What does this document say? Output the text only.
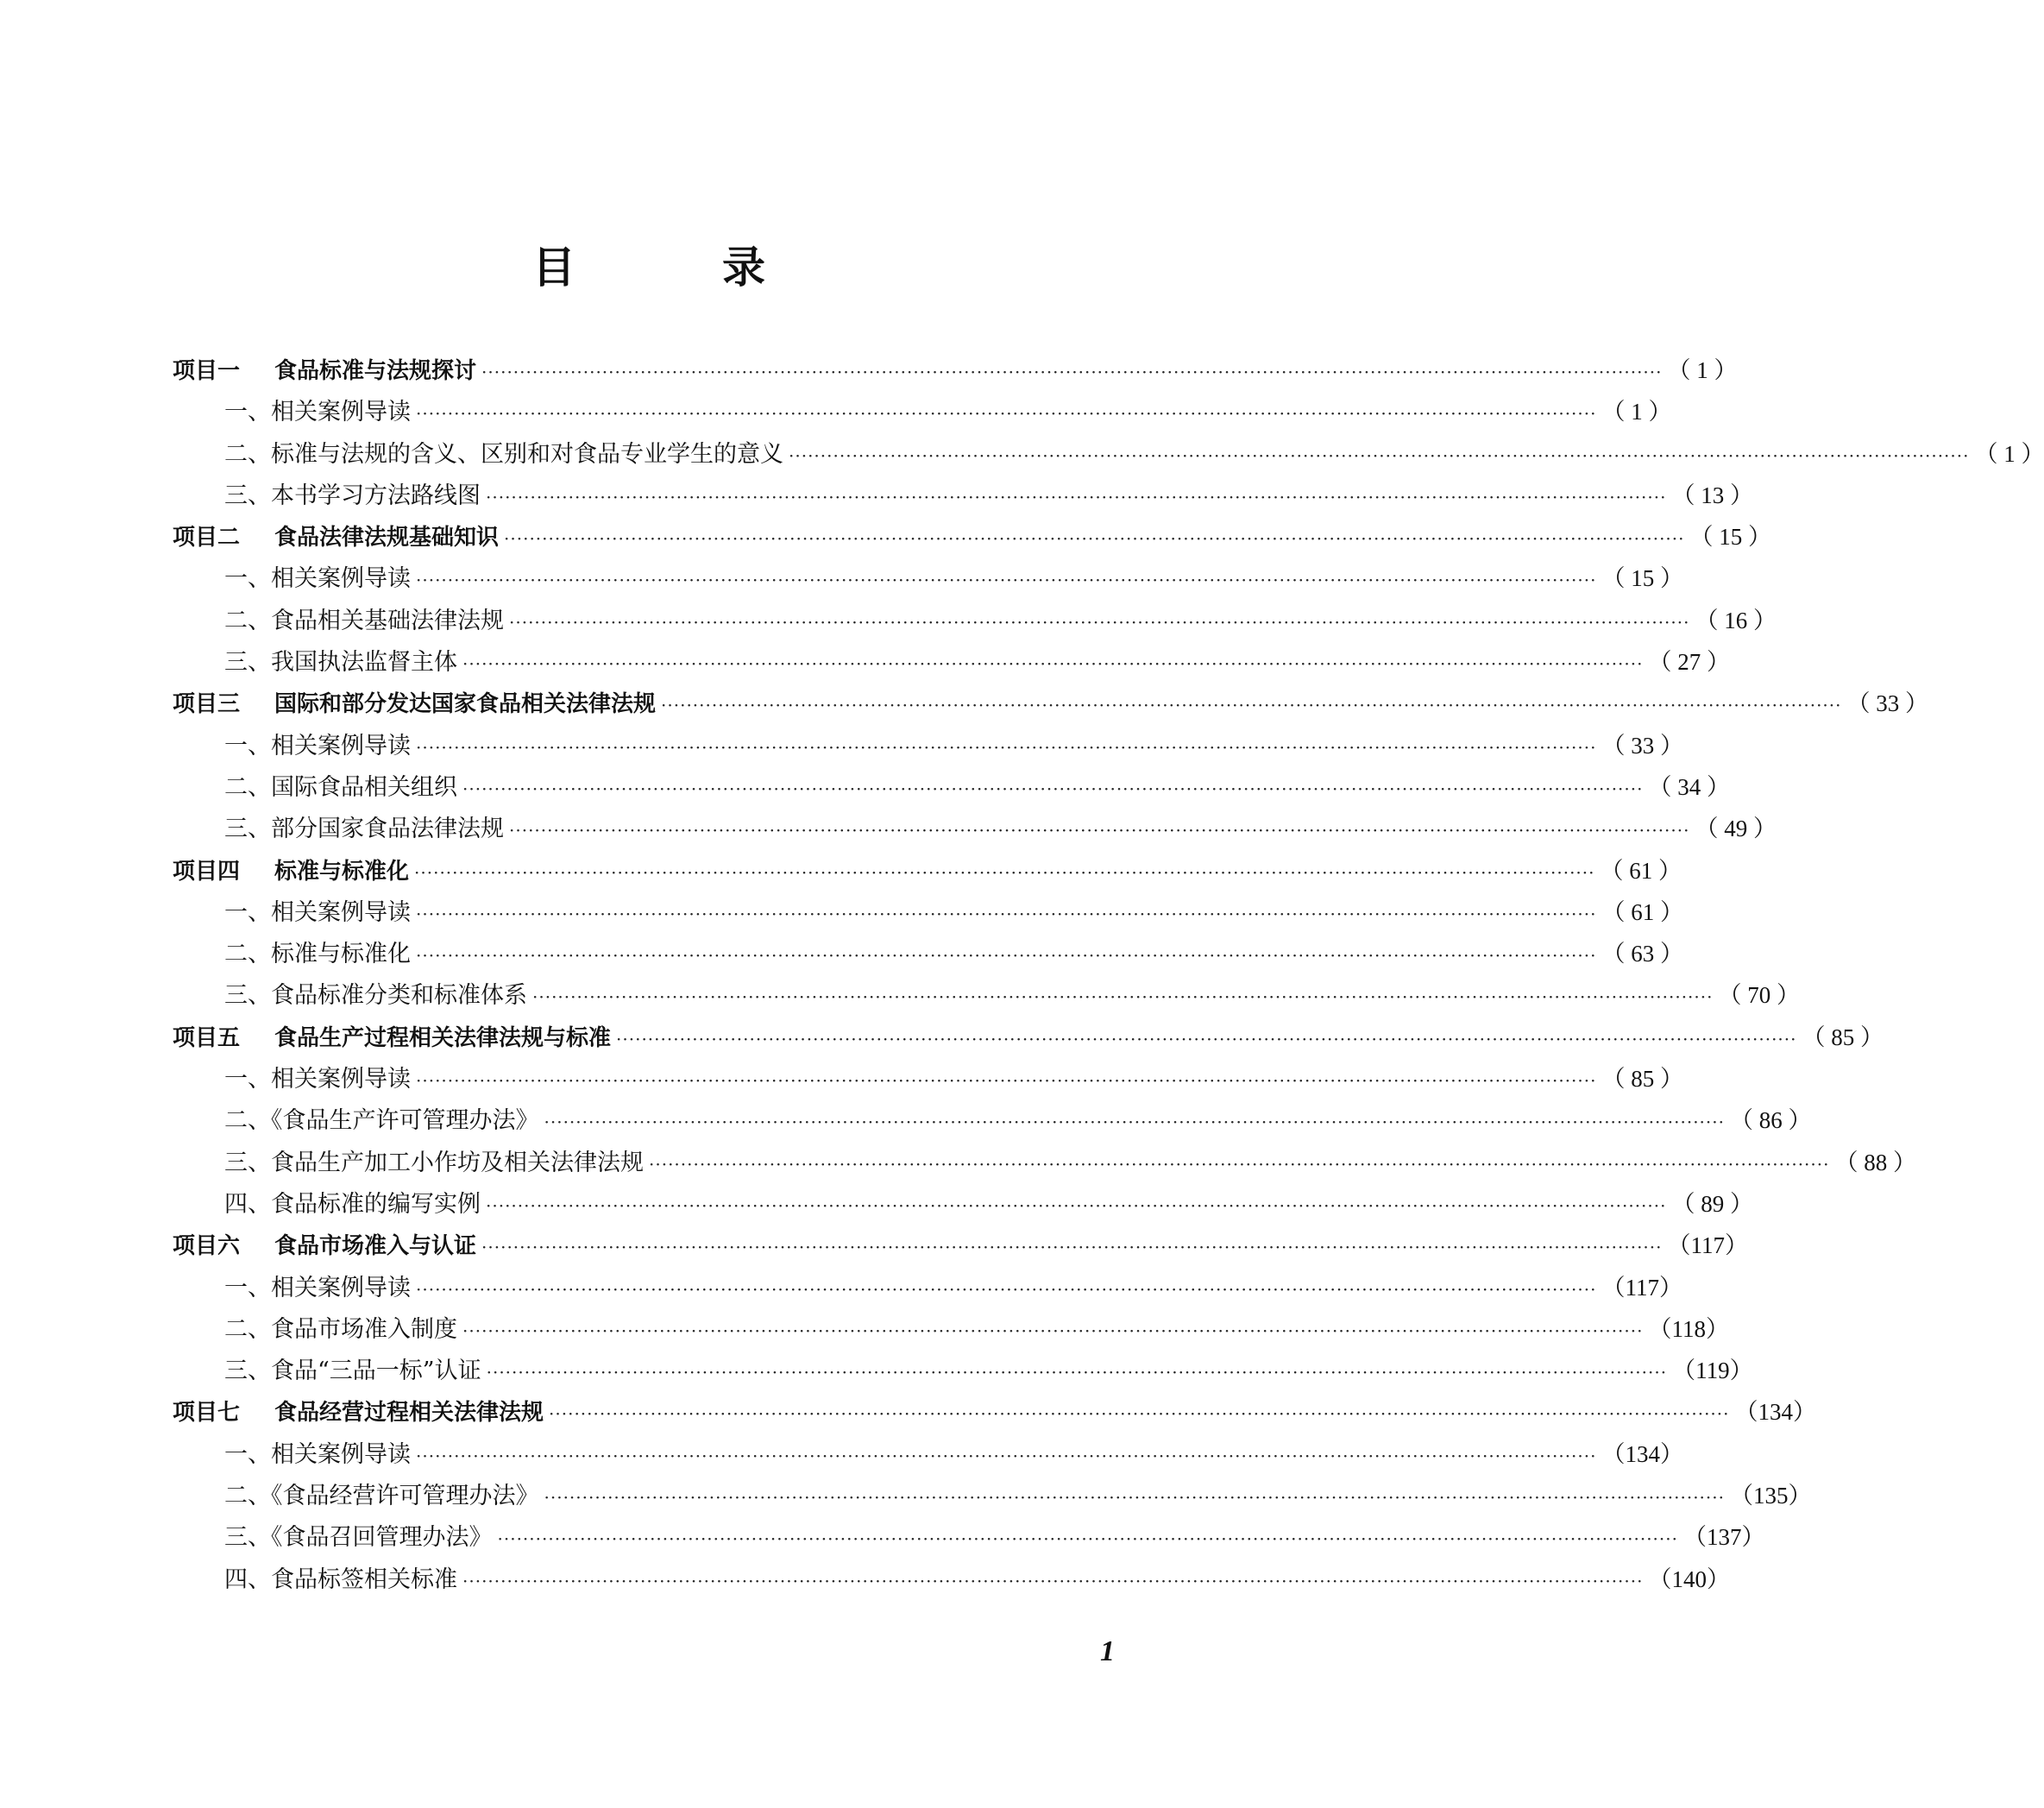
目　录
项目一 食品标准与法规探讨 ·····	（ 1 ）
一、相关案例导读 ·····	（ 1 ）
二、标准与法规的含义、区别和对食品专业学生的意义 ·····	（ 1 ）
三、本书学习方法路线图 ·····	（ 13 ）
项目二 食品法律法规基础知识 ·····	（ 15 ）
一、相关案例导读 ·····	（ 15 ）
二、食品相关基础法律法规 ·····	（ 16 ）
三、我国执法监督主体 ·····	（ 27 ）
项目三 国际和部分发达国家食品相关法律法规 ·····	（ 33 ）
一、相关案例导读 ·····	（ 33 ）
二、国际食品相关组织 ·····	（ 34 ）
三、部分国家食品法律法规 ·····	（ 49 ）
项目四 标准与标准化 ·····	（ 61 ）
一、相关案例导读 ·····	（ 61 ）
二、标准与标准化 ·····	（ 63 ）
三、食品标准分类和标准体系 ·····	（ 70 ）
项目五 食品生产过程相关法律法规与标准 ·····	（ 85 ）
一、相关案例导读 ·····	（ 85 ）
二、《食品生产许可管理办法》 ·····	（ 86 ）
三、食品生产加工小作坊及相关法律法规 ·····	（ 88 ）
四、食品标准的编写实例 ·····	（ 89 ）
项目六 食品市场准入与认证 ·····	（117）
一、相关案例导读 ·····	（117）
二、食品市场准入制度 ·····	（118）
三、食品“三品一标”认证 ·····	（119）
项目七 食品经营过程相关法律法规 ·····	（134）
一、相关案例导读 ·····	（134）
二、《食品经营许可管理办法》 ·····	（135）
三、《食品召回管理办法》 ·····	（137）
四、食品标签相关标准 ·····	（140）
1
